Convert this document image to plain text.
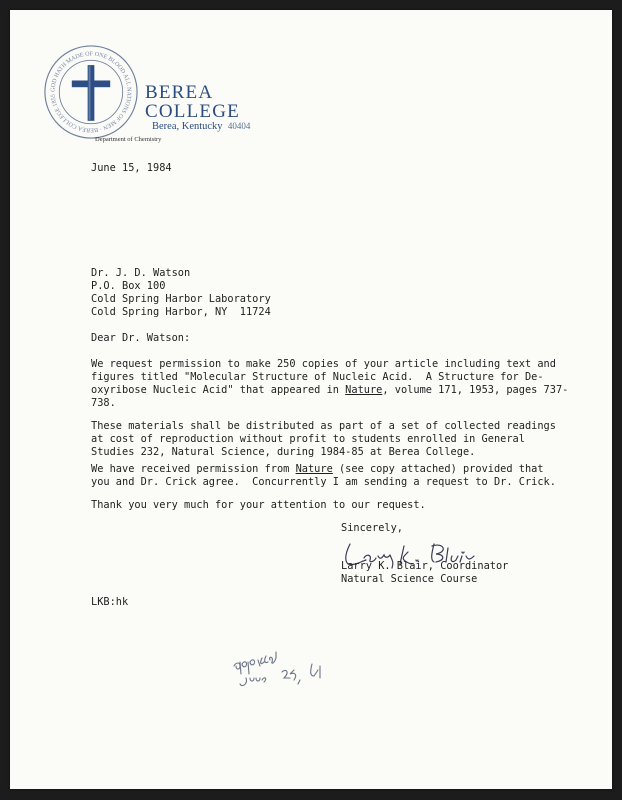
GOD HATH MADE OF ONE BLOOD ALL NATIONS OF MEN · BEREA COLLEGE 1855	BEREA
COLLEGE
Berea, Kentucky 40404
Department of Chemistry
June 15, 1984
Dr. J. D. Watson
P.O. Box 100
Cold Spring Harbor Laboratory
Cold Spring Harbor, NY  11724
Dear Dr. Watson:
We request permission to make 250 copies of your article including text and
figures titled "Molecular Structure of Nucleic Acid.  A Structure for De-
oxyribose Nucleic Acid" that appeared in Nature, volume 171, 1953, pages 737-
738.
These materials shall be distributed as part of a set of collected readings
at cost of reproduction without profit to students enrolled in General
Studies 232, Natural Science, during 1984-85 at Berea College.
We have received permission from Nature (see copy attached) provided that
you and Dr. Crick agree.  Concurrently I am sending a request to Dr. Crick.
Thank you very much for your attention to our request.
Sincerely,
Larry K. Blair, Coordinator
Natural Science Course
LKB:hk
